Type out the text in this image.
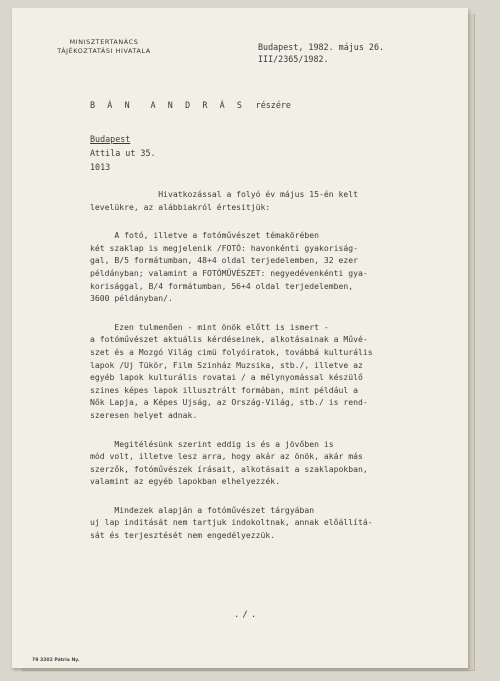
MINISZTERTANÁCS
TÁJÉKOZTATÁSI HIVATALA	Budapest, 1982. május 26.
III/2365/1982.
B Á N  A N D R Á S részére
Budapest
Attila ut 35.
1013

Hivatkozással a folyó év május 15-én kelt
levelükre, az alábbiakról értesitjük:

A fotó, illetve a fotóművészet témakörében
két szaklap is megjelenik /FOTÓ: havonkénti gyakoriság-
gal, B/5 formátumban, 48+4 oldal terjedelemben, 32 ezer
példányban; valamint a FOTÓMŰVÉSZET: negyedévenkénti gya-
korisággal, B/4 formátumban, 56+4 oldal terjedelemben,
3600 példányban/.

Ezen tulmenően - mint önök előtt is ismert -
a fotóművészet aktuális kérdéseinek, alkotásainak a Művé-
szet és a Mozgó Világ cimü folyóiratok, továbbá kulturális
lapok /Uj Tükör, Film Szinház Muzsika, stb./, illetve az
egyéb lapok kulturális rovatai / a mélynyomással készülő
szines képes lapok illusztrált formában, mint például a
Nők Lapja, a Képes Ujság, az Ország-Világ, stb./ is rend-
szeresen helyet adnak.

Megitélésünk szerint eddig is és a jövőben is
mód volt, illetve lesz arra, hogy akár az önök, akár más
szerzők, fotóművészek írásait, alkotásait a szaklapokban,
valamint az egyéb lapokban elhelyezzék.

Mindezek alapján a fotóművészet tárgyában
uj lap inditását nem tartjuk indokoltnak, annak előállítá-
sát és terjesztését nem engedélyezzük.

./.
79 3202 Pátria Ny.
